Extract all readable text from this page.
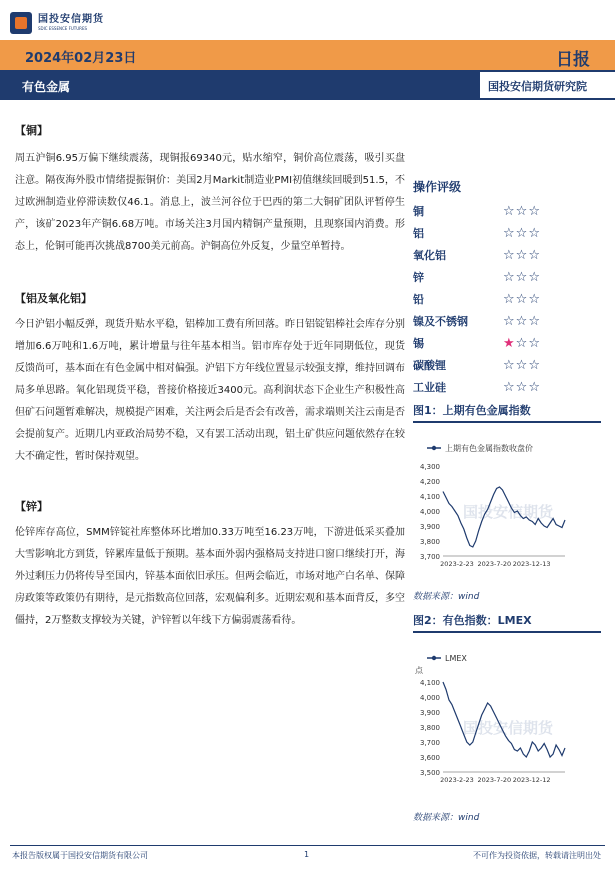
国投安信期货
SDIC ESSENCE FUTURES
2024年02月23日	日报
有色金属	国投安信期货研究院

【铜】

周五沪铜6.95万偏下继续震荡，现铜报69340元，贴水缩窄，铜价高位震荡，吸引买盘注意。隔夜海外股市情绪提振铜价：美国2月Markit制造业PMI初值继续回暖到51.5，不过欧洲制造业停滞读数仅46.1。消息上，波兰河谷位于巴西的第二大铜矿团队评暂停生产，该矿2023年产铜6.68万吨。市场关注3月国内精铜产量预期，且现察国内消费。形态上，伦铜可能再次挑战8700美元前高。沪铜高位外反复，少量空单暂持。

【铝及氧化铝】

今日沪铝小幅反弹，现货升贴水平稳，铝棒加工费有所回落。昨日铝锭铝棒社会库存分别增加6.6万吨和1.6万吨，累计增量与往年基本相当。铝市库存处于近年同期低位，现货反馈尚可，基本面在有色金属中相对偏强。沪铝下方年线位置显示较强支撑，维持回调布局多单思路。氧化铝现货平稳，普接价格接近3400元。高利润状态下企业生产积极性高但矿石问题暂难解决，规模提产困难，关注两会后是否会有改善，需求端则关注云南是否会提前复产。近期几内亚政治局势不稳，又有罢工活动出现，铝土矿供应问题依然存在较大不确定性，暂时保持观望。

【锌】

伦锌库存高位，SMM锌锭社库整体环比增加0.33万吨至16.23万吨，下游进低采买叠加大雪影响北方到货，锌累库量低于预期。基本面外弱内强格局支持进口窗口继续打开，海外过剩压力仍将传导至国内，锌基本面依旧承压。但两会临近，市场对地产白名单、保障房政策等政策仍有期待，是元指数高位回落，宏观偏利多。近期宏观和基本面背反，多空僵持，2万整数支撑较为关键，沪锌暂以年线下方偏弱震荡看待。

操作评级
铜	☆☆☆
铝	☆☆☆
氧化铝	☆☆☆
锌	☆☆☆
铅	☆☆☆
镍及不锈钢	☆☆☆
锡	★☆☆
碳酸锂	☆☆☆
工业硅	☆☆☆
图1：上期有色金属指数
上期有色金属指数收盘价
国投安信期货
3,700
3,800
3,900
4,000
4,100
4,200
4,300
2023-2-23 2023-7-20 2023-12-13
数据来源：wind
图2：有色指数：LMEX
LMEX
点
国投安信期货
3,500
3,600
3,700
3,800
3,900
4,000
4,100
2023-2-23 2023-7-20 2023-12-12
数据来源：wind
本报告版权属于国投安信期货有限公司	1	不可作为投资依据，转载请注明出处
